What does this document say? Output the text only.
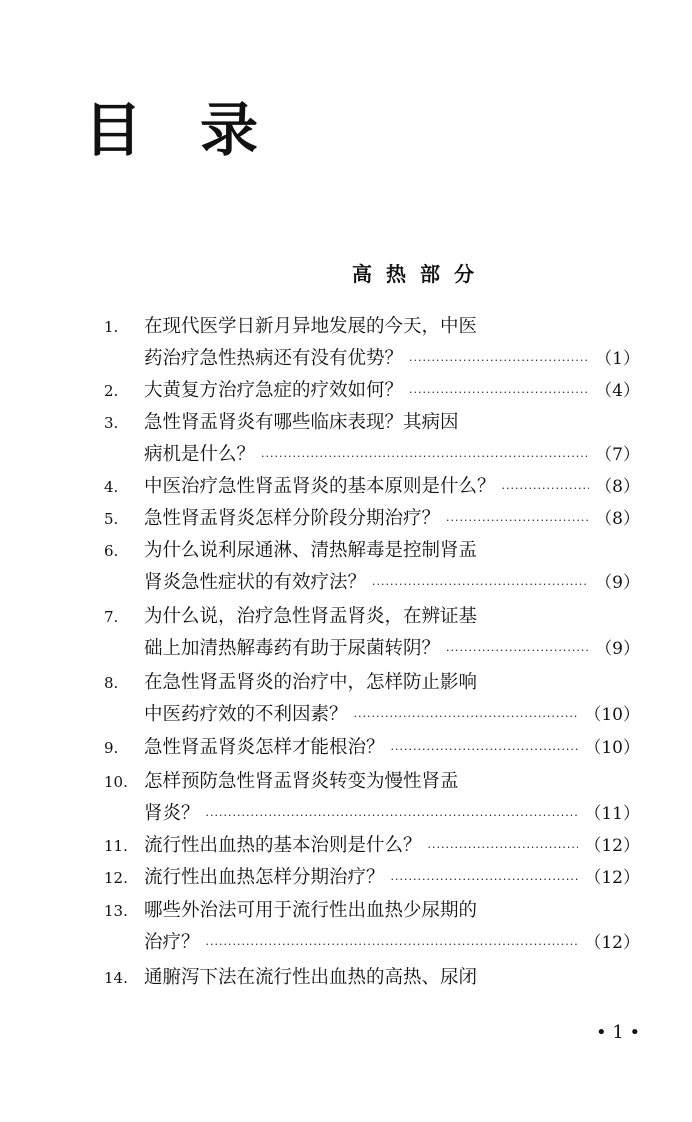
目 录
高热部分
1.	在现代医学日新月异地发展的今天，中医
药治疗急性热病还有没有优势？ ·····	（1）
2.	大黄复方治疗急症的疗效如何？ ·····	（4）
3.	急性肾盂肾炎有哪些临床表现？其病因
病机是什么？ ·····	（7）
4.	中医治疗急性肾盂肾炎的基本原则是什么？ ·····	（8）
5.	急性肾盂肾炎怎样分阶段分期治疗？ ·····	（8）
6.	为什么说利尿通淋、清热解毒是控制肾盂
肾炎急性症状的有效疗法？ ·····	（9）
7.	为什么说，治疗急性肾盂肾炎，在辨证基
础上加清热解毒药有助于尿菌转阴？ ·····	（9）
8.	在急性肾盂肾炎的治疗中，怎样防止影响
中医药疗效的不利因素？ ·····	（10）
9.	急性肾盂肾炎怎样才能根治？ ·····	（10）
10. 怎样预防急性肾盂肾炎转变为慢性肾盂
肾炎？ ·····	（11）
11. 流行性出血热的基本治则是什么？ ·····	（12）
12. 流行性出血热怎样分期治疗？ ·····	（12）
13. 哪些外治法可用于流行性出血热少尿期的
治疗？ ·····	（12）
14. 通腑泻下法在流行性出血热的高热、尿闭
• 1 •
